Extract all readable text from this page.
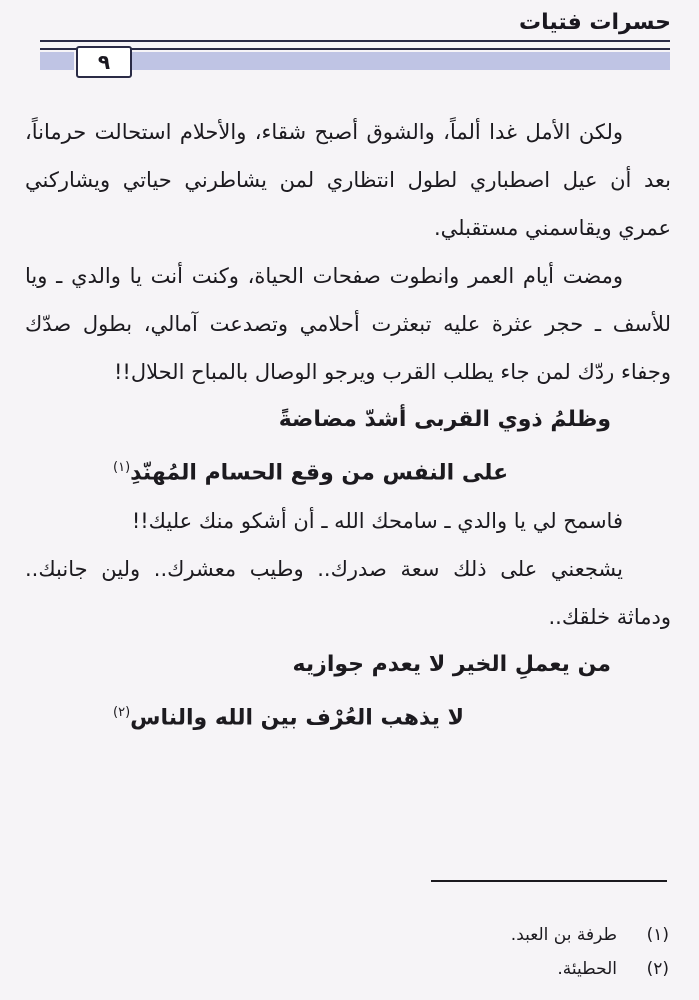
حسرات فتيات
٩

ولكن الأمل غدا ألماً، والشوق أصبح شقاء، والأحلام استحالت حرماناً، بعد أن عيل اصطباري لطول انتظاري لمن يشاطرني حياتي ويشاركني عمري ويقاسمني مستقبلي.

ومضت أيام العمر وانطوت صفحات الحياة، وكنت أنت يا والدي ـ ويا للأسف ـ حجر عثرة عليه تبعثرت أحلامي وتصدعت آمالي، بطول صدّك وجفاء ردّك لمن جاء يطلب القرب ويرجو الوصال بالمباح الحلال!!

وظلمُ ذوي القربى أشدّ مضاضةً

على النفس من وقع الحسام المُهنّدِ$^{(١)}$

فاسمح لي يا والدي ـ سامحك الله ـ أن أشكو منك عليك!!

يشجعني على ذلك سعة صدرك.. وطيب معشرك.. ولين جانبك.. ودماثة خلقك..

من يعملِ الخير لا يعدم جوازيه

لا يذهب العُرْف بين الله والناس$^{(٢)}$

(١)طرفة بن العبد.

(٢)الحطيئة.
